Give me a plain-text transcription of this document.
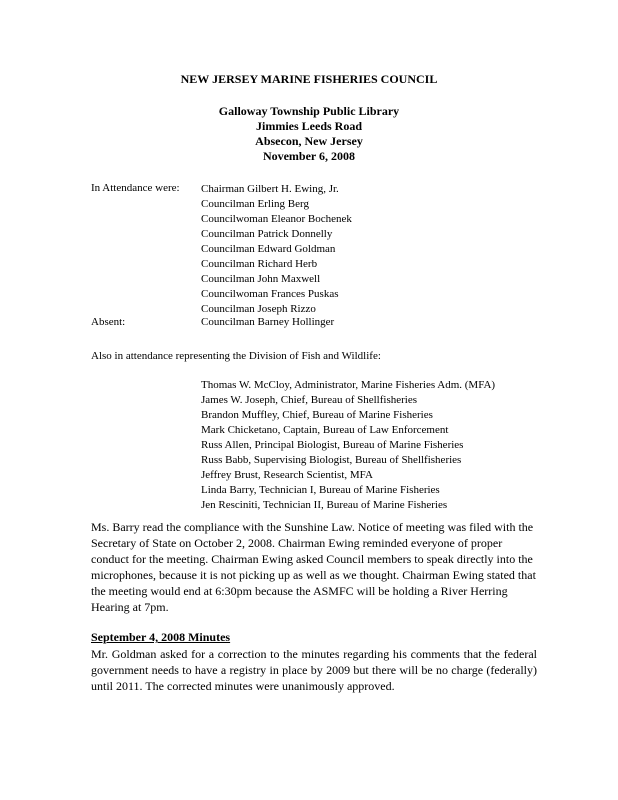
NEW JERSEY MARINE FISHERIES COUNCIL
Galloway Township Public Library
Jimmies Leeds Road
Absecon, New Jersey
November 6, 2008
In Attendance were: Chairman Gilbert H. Ewing, Jr.
Councilman Erling Berg
Councilwoman Eleanor Bochenek
Councilman Patrick Donnelly
Councilman Edward Goldman
Councilman Richard Herb
Councilman John Maxwell
Councilwoman Frances Puskas
Councilman Joseph Rizzo
Absent:	Councilman Barney Hollinger
Also in attendance representing the Division of Fish and Wildlife:
Thomas W. McCloy, Administrator, Marine Fisheries Adm. (MFA)
James W. Joseph, Chief, Bureau of Shellfisheries
Brandon Muffley, Chief, Bureau of Marine Fisheries
Mark Chicketano, Captain, Bureau of Law Enforcement
Russ Allen, Principal Biologist, Bureau of Marine Fisheries
Russ Babb, Supervising Biologist, Bureau of Shellfisheries
Jeffrey Brust, Research Scientist, MFA
Linda Barry, Technician I, Bureau of Marine Fisheries
Jen Resciniti, Technician II, Bureau of Marine Fisheries
Ms. Barry read the compliance with the Sunshine Law. Notice of meeting was filed with the Secretary of State on October 2, 2008. Chairman Ewing reminded everyone of proper conduct for the meeting. Chairman Ewing asked Council members to speak directly into the microphones, because it is not picking up as well as we thought. Chairman Ewing stated that the meeting would end at 6:30pm because the ASMFC will be holding a River Herring Hearing at 7pm.
September 4, 2008 Minutes
Mr. Goldman asked for a correction to the minutes regarding his comments that the federal government needs to have a registry in place by 2009 but there will be no charge (federally) until 2011. The corrected minutes were unanimously approved.
